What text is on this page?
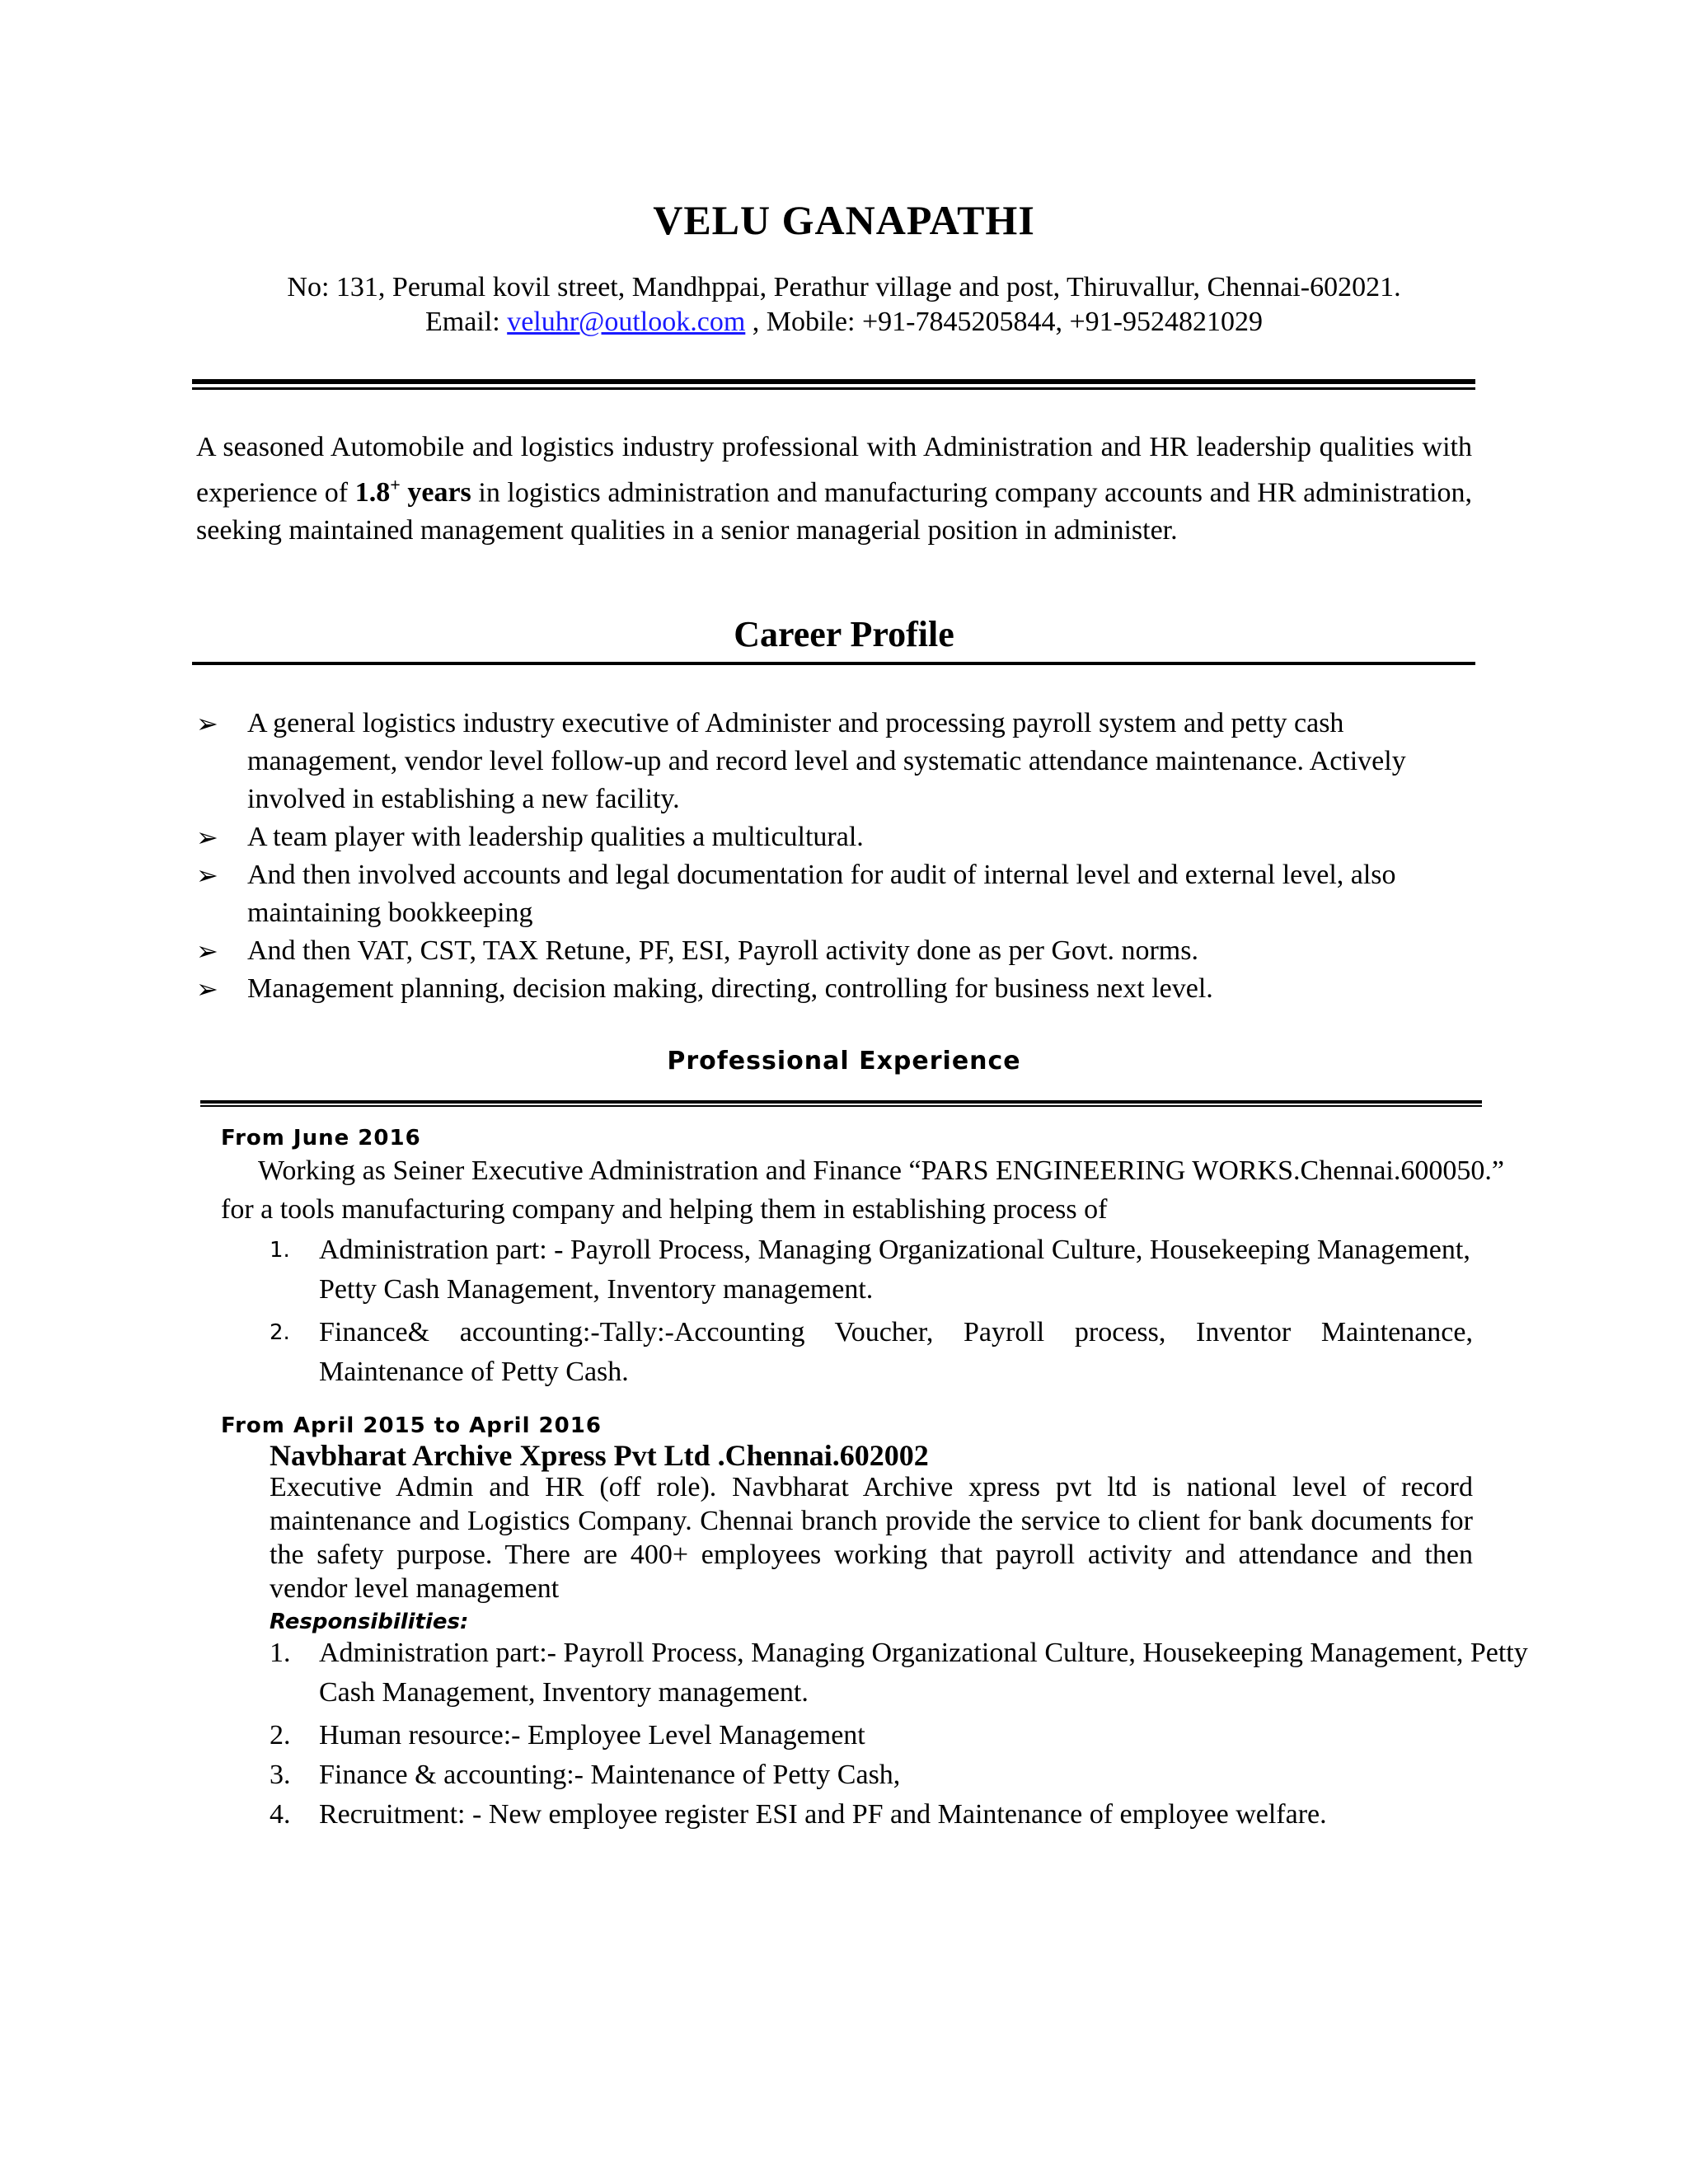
VELU GANAPATHI
No: 131, Perumal kovil street, Mandhppai, Perathur village and post, Thiruvallur, Chennai-602021.
Email: veluhr@outlook.com , Mobile: +91-7845205844, +91-9524821029
A seasoned Automobile and logistics industry professional with Administration and HR leadership qualities with experience of 1.8+ years in logistics administration and manufacturing company accounts and HR administration, seeking maintained management qualities in a senior managerial position in administer.
Career Profile
➢ A general logistics industry executive of Administer and processing payroll system and petty cash management, vendor level follow-up and record level and systematic attendance maintenance. Actively involved in establishing a new facility.
➢ A team player with leadership qualities a multicultural.
➢ And then involved accounts and legal documentation for audit of internal level and external level, also maintaining bookkeeping
➢ And then VAT, CST, TAX Retune, PF, ESI, Payroll activity done as per Govt. norms.
➢ Management planning, decision making, directing, controlling for business next level.
Professional Experience
From June 2016
Working as Seiner Executive Administration and Finance “PARS ENGINEERING WORKS.Chennai.600050.”
for a tools manufacturing company and helping them in establishing process of
1. Administration part: - Payroll Process, Managing Organizational Culture, Housekeeping Management, Petty Cash Management, Inventory management.
2. Finance& accounting:-Tally:-Accounting Voucher, Payroll process, Inventor Maintenance, Maintenance of Petty Cash.
From April 2015 to April 2016
Navbharat Archive Xpress Pvt Ltd .Chennai.602002
Executive Admin and HR (off role). Navbharat Archive xpress pvt ltd is national level of record maintenance and Logistics Company. Chennai branch provide the service to client for bank documents for the safety purpose. There are 400+ employees working that payroll activity and attendance and then vendor level management
Responsibilities:
1. Administration part:- Payroll Process, Managing Organizational Culture, Housekeeping Management, Petty Cash Management, Inventory management.
2. Human resource:- Employee Level Management
3. Finance & accounting:- Maintenance of Petty Cash,
4. Recruitment: - New employee register ESI and PF and Maintenance of employee welfare.
